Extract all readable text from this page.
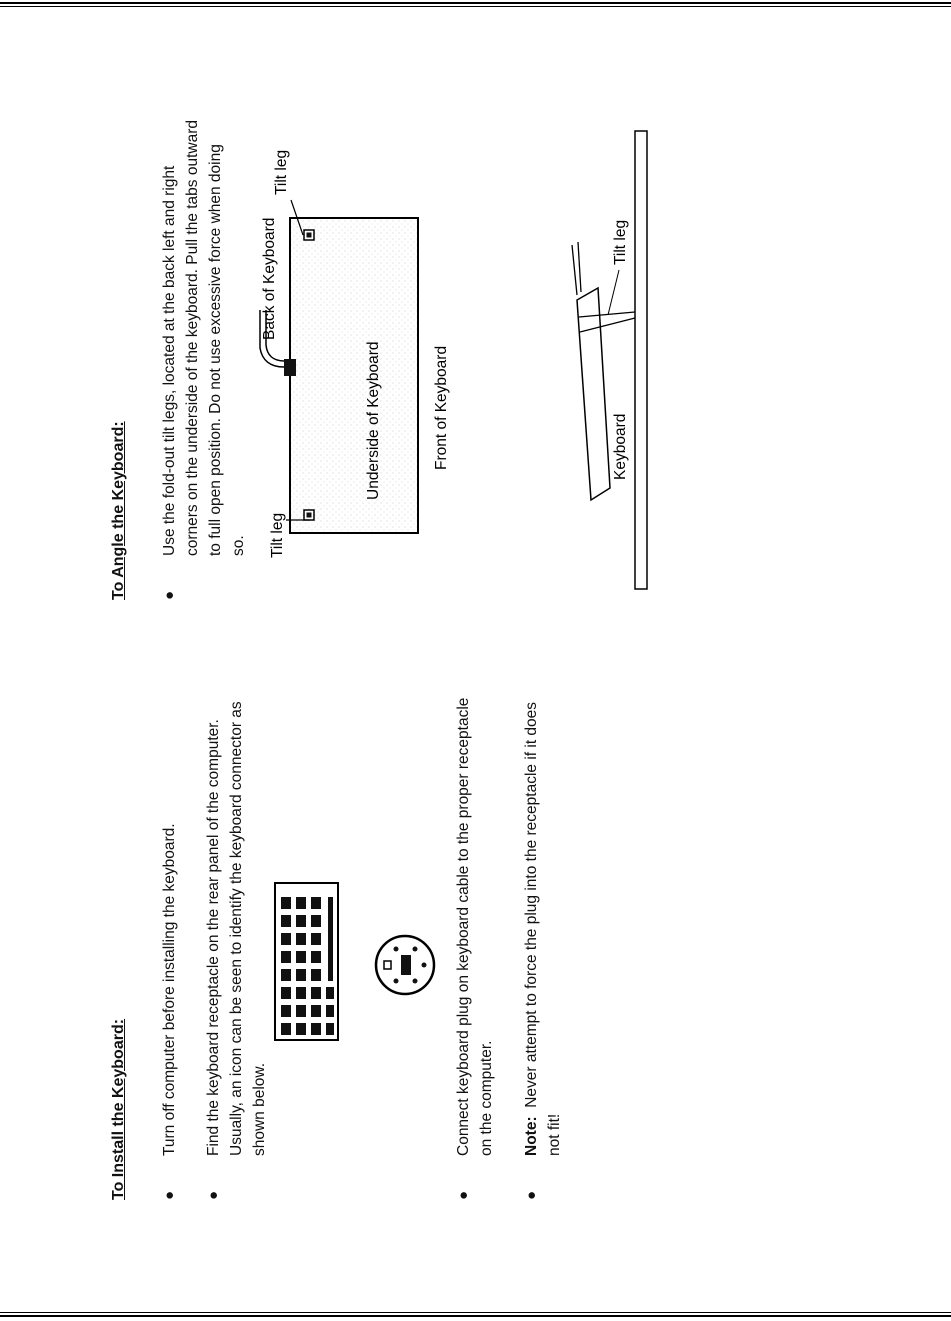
To Install the Keyboard: ●
Turn off computer before installing the keyboard.
●
Find the keyboard receptacle on the rear panel of the computer. Usually, an icon can be seen to identify the keyboard connector as shown below.
●
Connect keyboard plug on keyboard cable to the proper receptacle on the computer.
●
Note:  Never attempt to force the plug into the receptacle if it does not fit!
To Angle the Keyboard: ●
Use the fold-out tilt legs, located at the back left and right corners on the underside of the keyboard. Pull the tabs outward to full open position. Do not use excessive force when doing so.
Underside of Keyboard
Back of Keyboard
Front of Keyboard
Tilt leg
Tilt leg
Keyboard
Tilt leg
